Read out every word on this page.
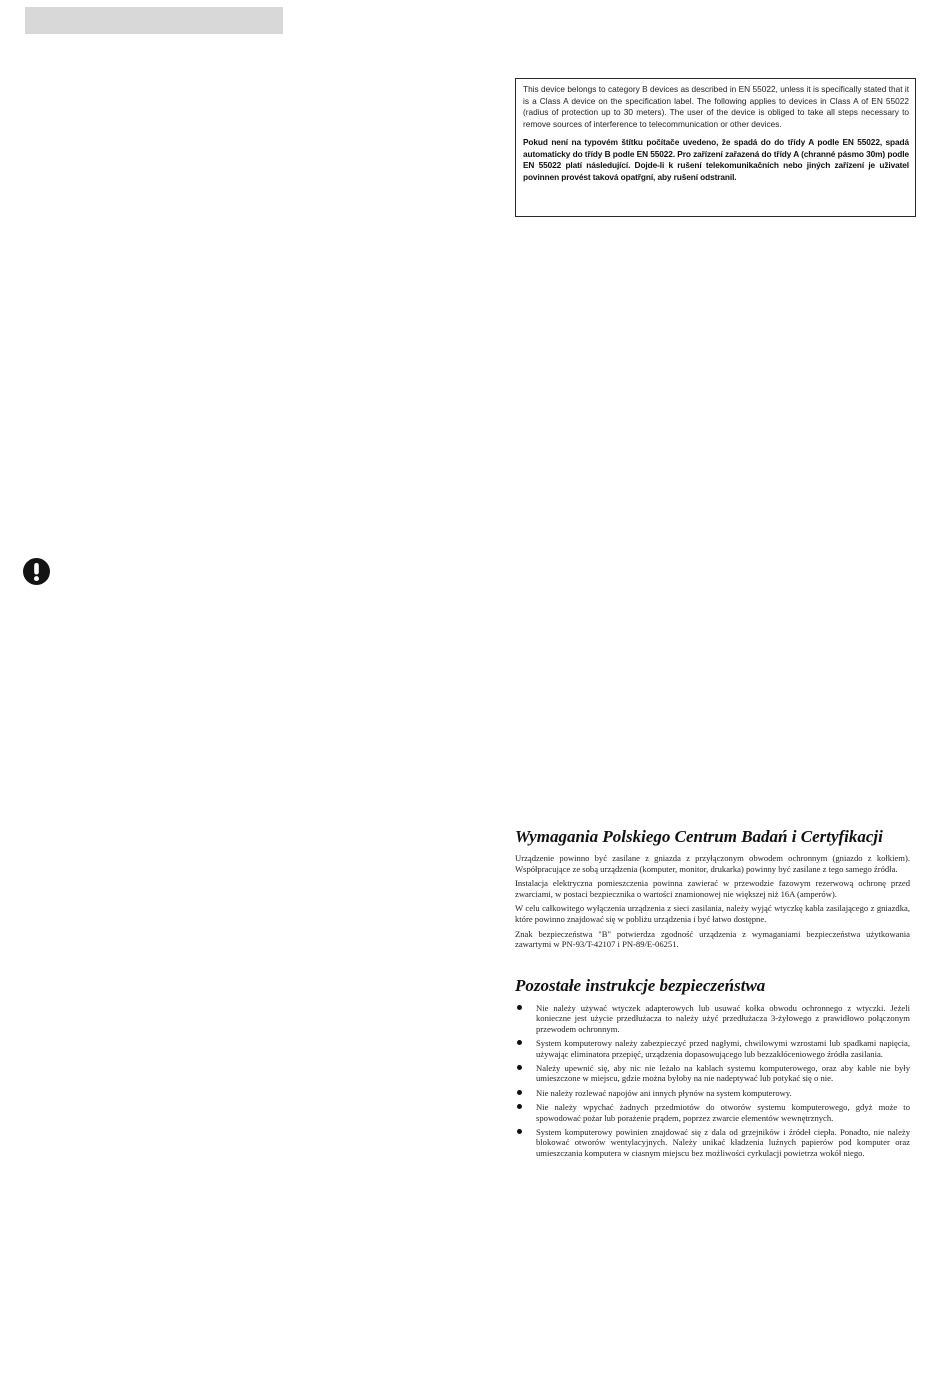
This device belongs to category B devices as described in EN 55022, unless it is specifically stated that it is a Class A device on the specification label. The following applies to devices in Class A of EN 55022 (radius of protection up to 30 meters). The user of the device is obliged to take all steps necessary to remove sources of interference to telecommunication or other devices.

Pokud není na typovém štítku počítače uvedeno, že spadá do do třídy A podle EN 55022, spadá automaticky do třídy B podle EN 55022. Pro zařízení zařazená do třídy A (chranné pásmo 30m) podle EN 55022 platí následující. Dojde-li k rušení telekomunikačních nebo jiných zařízení je uživatel povinnen provést taková opatřgní, aby rušení odstranil.

Wymagania Polskiego Centrum Badań i Certyfikacji

Urządzenie powinno być zasilane z gniazda z przyłączonym obwodem ochronnym (gniazdo z kołkiem). Współpracujące ze sobą urządzenia (komputer, monitor, drukarka) powinny być zasilane z tego samego źródła.

Instalacja elektryczna pomieszczenia powinna zawierać w przewodzie fazowym rezerwową ochronę przed zwarciami, w postaci bezpiecznika o wartości znamionowej nie większej niż 16A (amperów).

W celu całkowitego wyłączenia urządzenia z sieci zasilania, należy wyjąć wtyczkę kabla zasilającego z gniazdka, które powinno znajdować się w pobliżu urządzenia i być łatwo dostępne.

Znak bezpieczeństwa "B" potwierdza zgodność urządzenia z wymaganiami bezpieczeństwa użytkowania zawartymi w PN-93/T-42107 i PN-89/E-06251.

Pozostałe instrukcje bezpieczeństwa
Nie należy używać wtyczek adapterowych lub usuwać kołka obwodu ochronnego z wtyczki. Jeżeli konieczne jest użycie przedłużacza to należy użyć przedłużacza 3-żyłowego z prawidłowo połączonym przewodem ochronnym.
System komputerowy należy zabezpieczyć przed nagłymi, chwilowymi wzrostami lub spadkami napięcia, używając eliminatora przepięć, urządzenia dopasowującego lub bezzakłóceniowego źródła zasilania.
Należy upewnić się, aby nic nie leżało na kablach systemu komputerowego, oraz aby kable nie były umieszczone w miejscu, gdzie można byłoby na nie nadeptywać lub potykać się o nie.
Nie należy rozlewać napojów ani innych płynów na system komputerowy.
Nie należy wpychać żadnych przedmiotów do otworów systemu komputerowego, gdyż może to spowodować pożar lub porażenie prądem, poprzez zwarcie elementów wewnętrznych.
System komputerowy powinien znajdować się z dala od grzejników i źródeł ciepła. Ponadto, nie należy blokować otworów wentylacyjnych. Należy unikać kładzenia luźnych papierów pod komputer oraz umieszczania komputera w ciasnym miejscu bez możliwości cyrkulacji powietrza wokół niego.
